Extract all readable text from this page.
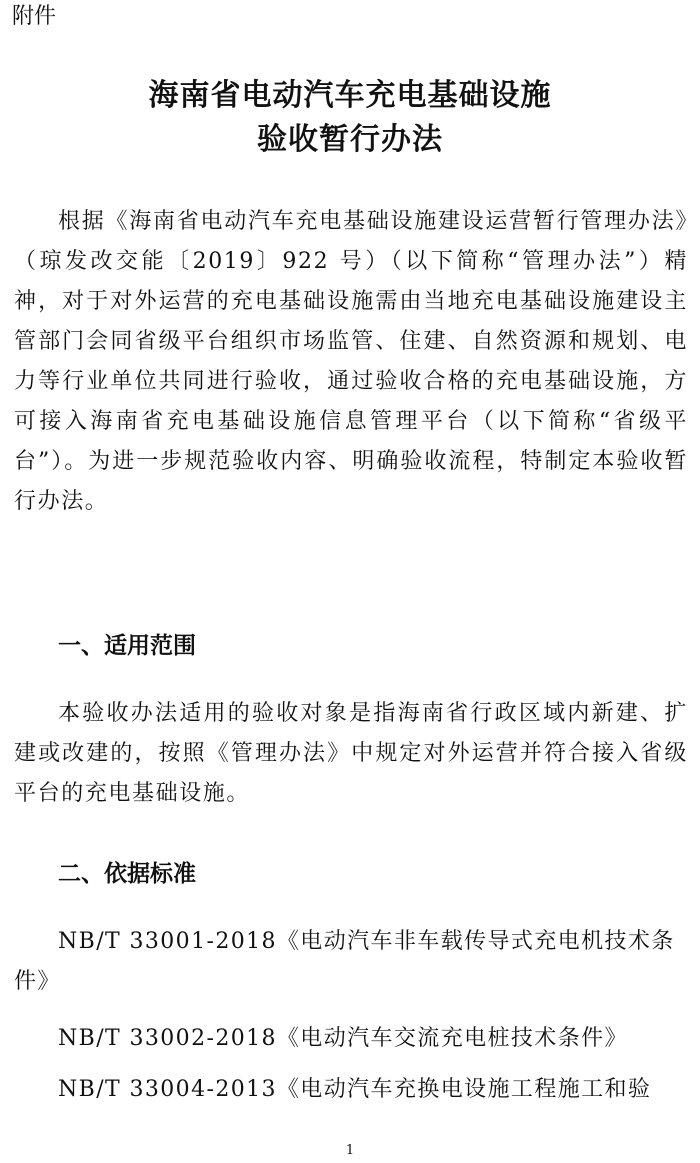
附件
海南省电动汽车充电基础设施
验收暂行办法
根据《海南省电动汽车充电基础设施建设运营暂行管理办法》（琼发改交能〔2019〕922 号）（以下简称“管理办法”）精神，对于对外运营的充电基础设施需由当地充电基础设施建设主管部门会同省级平台组织市场监管、住建、自然资源和规划、电力等行业单位共同进行验收，通过验收合格的充电基础设施，方可接入海南省充电基础设施信息管理平台（以下简称“省级平台”）。为进一步规范验收内容、明确验收流程，特制定本验收暂行办法。
一、适用范围
本验收办法适用的验收对象是指海南省行政区域内新建、扩建或改建的，按照《管理办法》中规定对外运营并符合接入省级平台的充电基础设施。
二、依据标准
NB/T 33001-2018《电动汽车非车载传导式充电机技术条件》
NB/T 33002-2018《电动汽车交流充电桩技术条件》
NB/T 33004-2013《电动汽车充换电设施工程施工和验
1
